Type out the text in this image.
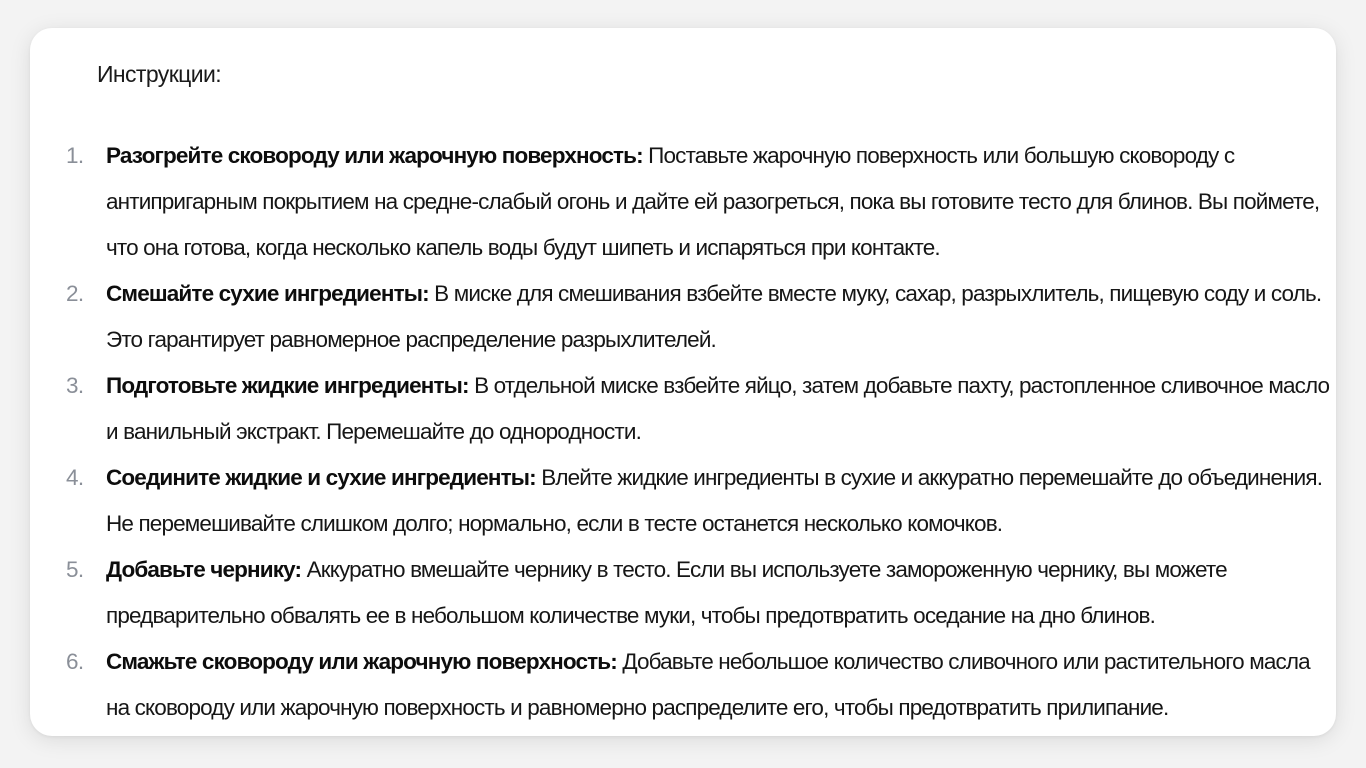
Инструкции:
1. Разогрейте сковороду или жарочную поверхность: Поставьте жарочную поверхность или большую сковороду с антипригарным покрытием на средне-слабый огонь и дайте ей разогреться, пока вы готовите тесто для блинов. Вы поймете, что она готова, когда несколько капель воды будут шипеть и испаряться при контакте.
2. Смешайте сухие ингредиенты: В миске для смешивания взбейте вместе муку, сахар, разрыхлитель, пищевую соду и соль. Это гарантирует равномерное распределение разрыхлителей.
3. Подготовьте жидкие ингредиенты: В отдельной миске взбейте яйцо, затем добавьте пахту, растопленное сливочное масло и ванильный экстракт. Перемешайте до однородности.
4. Соедините жидкие и сухие ингредиенты: Влейте жидкие ингредиенты в сухие и аккуратно перемешайте до объединения. Не перемешивайте слишком долго; нормально, если в тесте останется несколько комочков.
5. Добавьте чернику: Аккуратно вмешайте чернику в тесто. Если вы используете замороженную чернику, вы можете предварительно обвалять ее в небольшом количестве муки, чтобы предотвратить оседание на дно блинов.
6. Смажьте сковороду или жарочную поверхность: Добавьте небольшое количество сливочного или растительного масла на сковороду или жарочную поверхность и равномерно распределите его, чтобы предотвратить прилипание.
